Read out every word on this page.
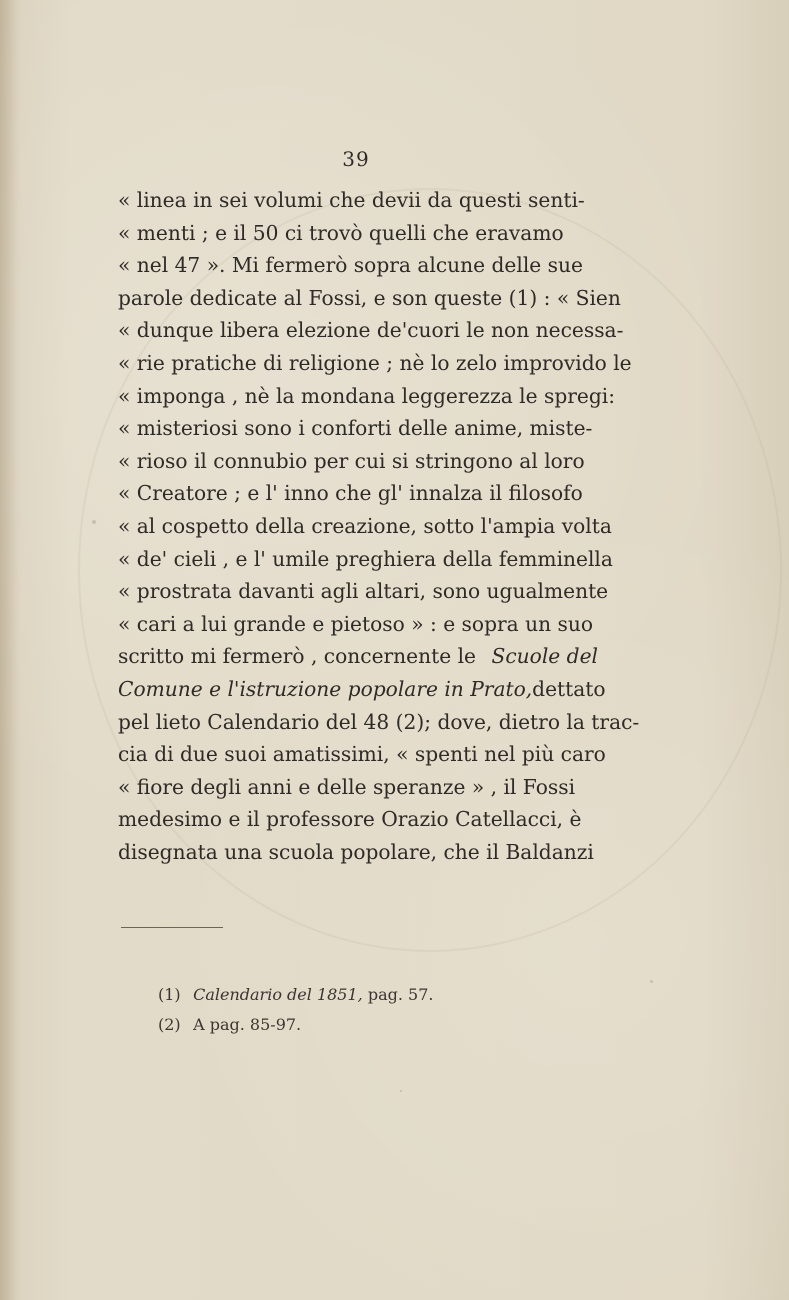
39
« linea in sei volumi che devii da questi senti-
« menti ; e il 50 ci trovò quelli che eravamo
« nel 47 ». Mi fermerò sopra alcune delle sue
parole dedicate al Fossi, e son queste (1) : « Sien
« dunque libera elezione de'cuori le non necessa-
« rie pratiche di religione ; nè lo zelo improvido le
« imponga , nè la mondana leggerezza le spregi:
« misteriosi sono i conforti delle anime, miste-
« rioso il connubio per cui si stringono al loro
« Creatore ; e l' inno che gl' innalza il filosofo
« al cospetto della creazione, sotto l'ampia volta
« de' cieli , e l' umile preghiera della femminella
« prostrata davanti agli altari, sono ugualmente
« cari a lui grande e pietoso » : e sopra un suo
scritto mi fermerò , concernente le Scuole del
Comune e l'istruzione popolare in Prato, dettato
pel lieto Calendario del 48 (2); dove, dietro la trac-
cia di due suoi amatissimi, « spenti nel più caro
« fiore degli anni e delle speranze » , il Fossi
medesimo e il professore Orazio Catellacci, è
disegnata una scuola popolare, che il Baldanzi
(1) Calendario del 1851, pag. 57.
(2) A pag. 85-97.
